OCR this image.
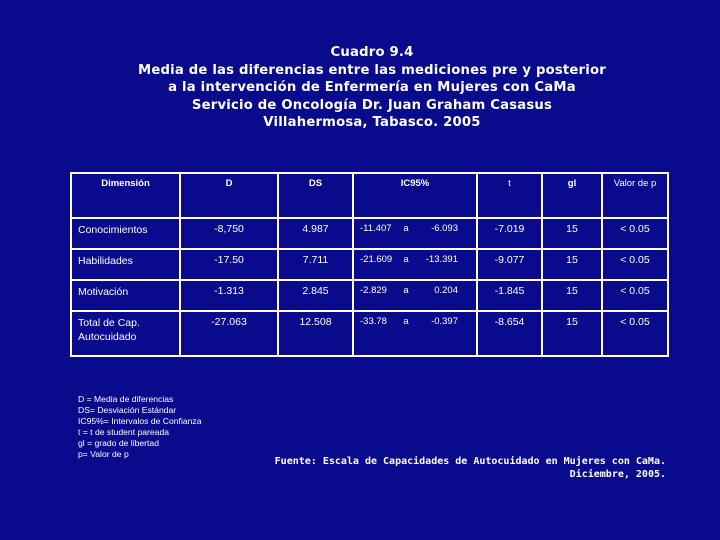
Cuadro 9.4
Media de las diferencias entre las mediciones pre y posterior
a la intervención de Enfermería en Mujeres con CaMa
Servicio de Oncología Dr. Juan Graham Casasus
Villahermosa, Tabasco. 2005
Dimensión	D	DS	IC95%	t	gl	Valor de p
Conocimientos	-8,750	4.987	-11.407 a -6.093	-7.019	15	< 0.05
Habilidades	-17.50	7.711	-21.609 a -13.391	-9.077	15	< 0.05
Motivación	-1.313	2.845	-2.829 a 0.204	-1.845	15	< 0.05
Total de Cap. Autocuidado	-27.063	12.508	-33.78 a -0.397	-8.654	15	< 0.05
D = Media de diferencias
DS= Desviación Estándar
IC95%= Intervalos de Confianza
t = t de student pareada
gl = grado de libertad
p= Valor de p
Fuente: Escala de Capacidades de Autocuidado en Mujeres con CaMa.
Diciembre, 2005.
